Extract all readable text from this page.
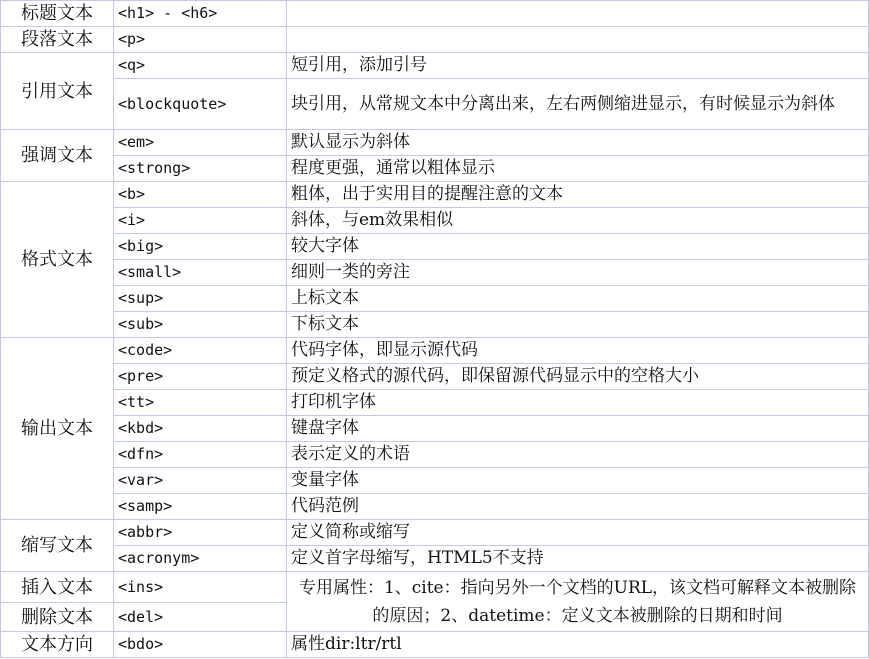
标题文本	<h1> - <h6>	
段落文本	<p>	
引用文本	<q>	短引用，添加引号
	<blockquote>	块引用，从常规文本中分离出来，左右两侧缩进显示，有时候显示为斜体
强调文本	<em>	默认显示为斜体
	<strong>	程度更强，通常以粗体显示
格式文本	<b>	粗体，出于实用目的提醒注意的文本
	<i>	斜体，与em效果相似
	<big>	较大字体
	<small>	细则一类的旁注
	<sup>	上标文本
	<sub>	下标文本
输出文本	<code>	代码字体，即显示源代码
	<pre>	预定义格式的源代码，即保留源代码显示中的空格大小
	<tt>	打印机字体
	<kbd>	键盘字体
	<dfn>	表示定义的术语
	<var>	变量字体
	<samp>	代码范例
缩写文本	<abbr>	定义简称或缩写
	<acronym>	定义首字母缩写，HTML5不支持
插入文本	<ins>	专用属性：1、cite：指向另外一个文档的URL，该文档可解释文本被删除的原因；2、datetime：定义文本被删除的日期和时间
删除文本	<del>	
文本方向	<bdo>	属性dir:ltr/rtl
